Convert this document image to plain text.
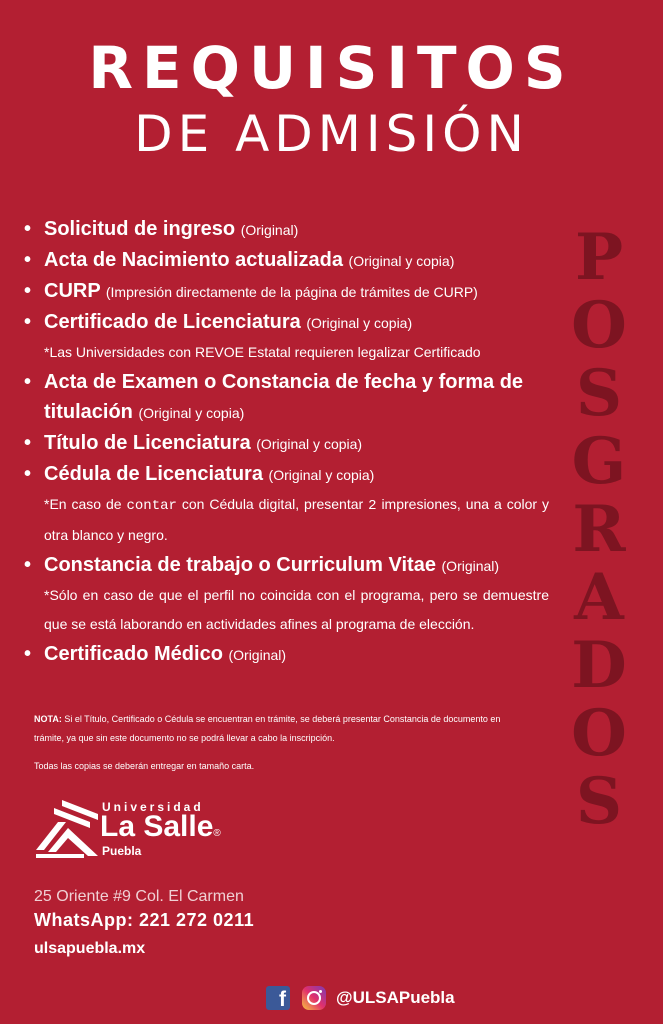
REQUISITOS
DE ADMISIÓN
• Solicitud de ingreso (Original)
• Acta de Nacimiento actualizada (Original y copia)
• CURP (Impresión directamente de la página de trámites de CURP)
• Certificado de Licenciatura (Original y copia)
*Las Universidades con REVOE Estatal requieren legalizar Certificado
• Acta de Examen o Constancia de fecha y forma de titulación (Original y copia)
• Título de Licenciatura (Original y copia)
• Cédula de Licenciatura (Original y copia)
*En caso de contar con Cédula digital, presentar 2 impresiones, una a color y otra blanco y negro.
• Constancia de trabajo o Curriculum Vitae (Original)
*Sólo en caso de que el perfil no coincida con el programa, pero se demuestre que se está laborando en actividades afines al programa de elección.
• Certificado Médico (Original)
P
O
S
G
R
A
D
O
S
NOTA: Si el Título, Certificado o Cédula se encuentran en trámite, se deberá presentar Constancia de documento en trámite, ya que sin este documento no se podrá llevar a cabo la inscripción.
Todas las copias se deberán entregar en tamaño carta.
Universidad
La Salle®
Puebla
25 Oriente #9 Col. El Carmen
WhatsApp: 221 272 0211
ulsapuebla.mx
f	@ULSAPuebla
